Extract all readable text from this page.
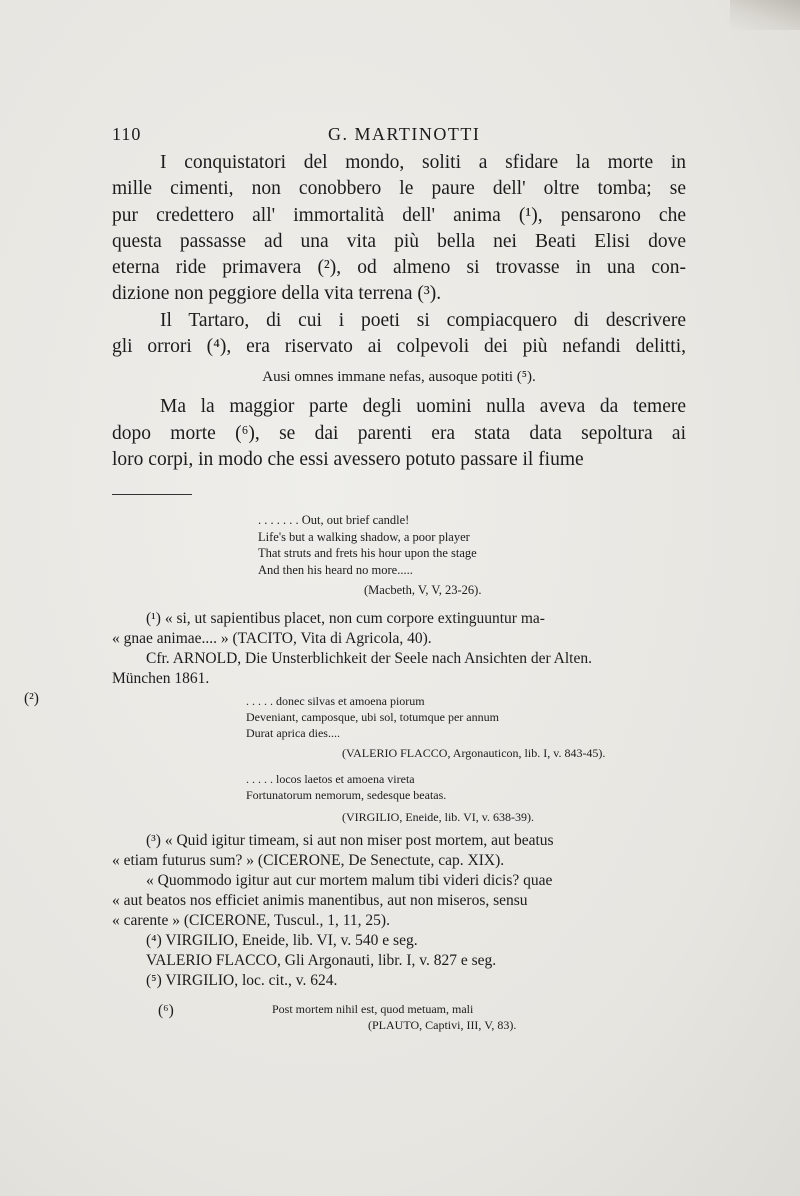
110	G. MARTINOTTI
I conquistatori del mondo, soliti a sfidare la morte in
mille cimenti, non conobbero le paure dell' oltre tomba; se
pur credettero all' immortalità dell' anima (¹), pensarono che
questa passasse ad una vita più bella nei Beati Elisi dove
eterna ride primavera (²), od almeno si trovasse in una con-
dizione non peggiore della vita terrena (³).
Il Tartaro, di cui i poeti si compiacquero di descrivere
gli orrori (⁴), era riservato ai colpevoli dei più nefandi delitti,
Ausi omnes immane nefas, ausoque potiti (⁵).
Ma la maggior parte degli uomini nulla aveva da temere
dopo morte (⁶), se dai parenti era stata data sepoltura ai
loro corpi, in modo che essi avessero potuto passare il fiume
. . . . . . . Out, out brief candle!
Life's but a walking shadow, a poor player
That struts and frets his hour upon the stage
And then his heard no more.....
(Macbeth, V, V, 23-26).
(¹) « si, ut sapientibus placet, non cum corpore extinguuntur ma-
« gnae animae.... » (TACITO, Vita di Agricola, 40).
Cfr. ARNOLD, Die Unsterblichkeit der Seele nach Ansichten der Alten.
München 1861.
(²)	. . . . . donec silvas et amoena piorum
Deveniant, camposque, ubi sol, totumque per annum
Durat aprica dies....
(VALERIO FLACCO, Argonauticon, lib. I, v. 843-45).
. . . . . locos laetos et amoena vireta
Fortunatorum nemorum, sedesque beatas.
(VIRGILIO, Eneide, lib. VI, v. 638-39).
(³) « Quid igitur timeam, si aut non miser post mortem, aut beatus
« etiam futurus sum? » (CICERONE, De Senectute, cap. XIX).
« Quommodo igitur aut cur mortem malum tibi videri dicis? quae
« aut beatos nos efficiet animis manentibus, aut non miseros, sensu
« carente » (CICERONE, Tuscul., 1, 11, 25).
(⁴) VIRGILIO, Eneide, lib. VI, v. 540 e seg.
VALERIO FLACCO, Gli Argonauti, libr. I, v. 827 e seg.
(⁵) VIRGILIO, loc. cit., v. 624.
(⁶)	Post mortem nihil est, quod metuam, mali
(PLAUTO, Captivi, III, V, 83).
